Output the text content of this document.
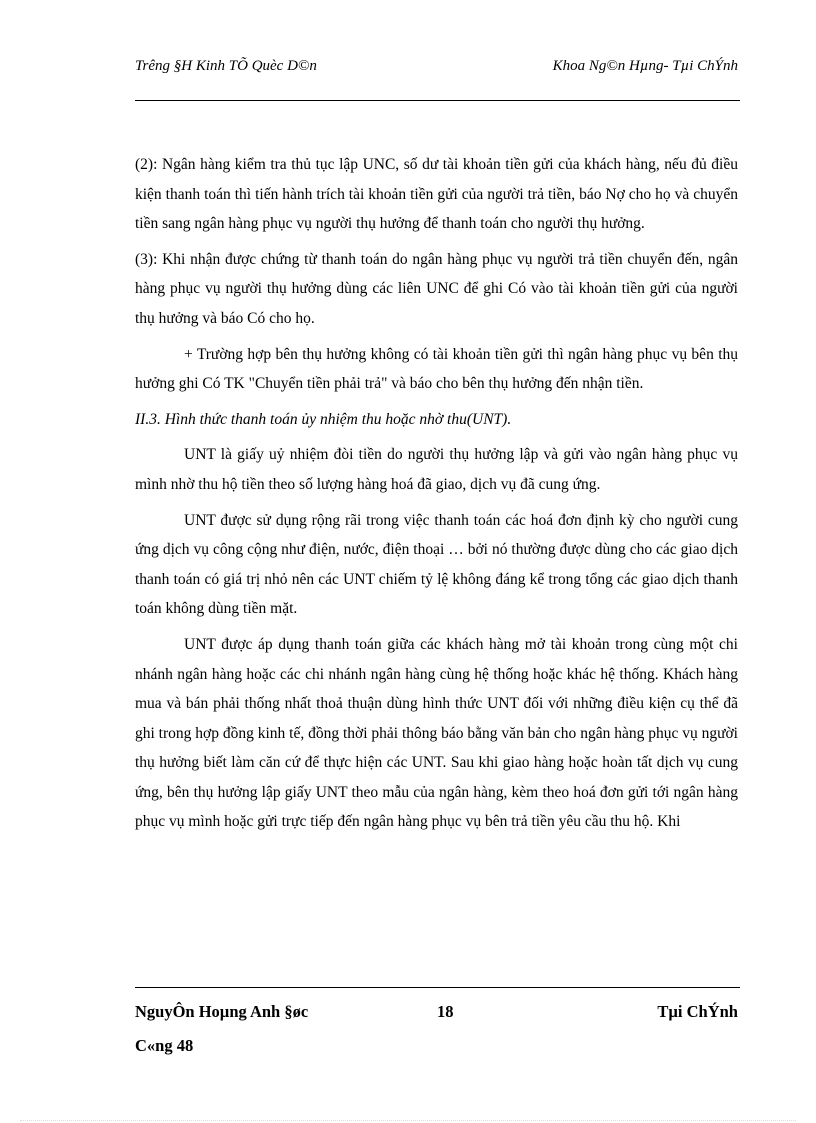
Trêng §H Kinh TÕ Quèc D©n	Khoa Ng©n Hµng- Tµi ChÝnh

(2): Ngân hàng kiểm tra thủ tục lập UNC, số dư tài khoản tiền gửi của khách hàng, nếu đủ điều kiện thanh toán thì tiến hành trích tài khoản tiền gửi của người trả tiền, báo Nợ cho họ và chuyển tiền sang ngân hàng phục vụ người thụ hưởng để thanh toán cho người thụ hưởng.

(3): Khi nhận được chứng từ thanh toán do ngân hàng phục vụ người trả tiền chuyển đến, ngân hàng phục vụ người thụ hưởng dùng các liên UNC để ghi Có vào tài khoản tiền gửi của người thụ hưởng và báo Có cho họ.

+ Trường hợp bên thụ hưởng không có tài khoản tiền gửi thì ngân hàng phục vụ bên thụ hưởng ghi Có TK "Chuyển tiền phải trả" và báo cho bên thụ hưởng đến nhận tiền.

II.3. Hình thức thanh toán ủy nhiệm thu hoặc nhờ thu(UNT).

UNT là giấy uỷ nhiệm đòi tiền do người thụ hưởng lập và gửi vào ngân hàng phục vụ mình nhờ thu hộ tiền theo số lượng hàng hoá đã giao, dịch vụ đã cung ứng.

UNT được sử dụng rộng rãi trong việc thanh toán các hoá đơn định kỳ cho người cung ứng dịch vụ công cộng như điện, nước, điện thoại … bởi nó thường được dùng cho các giao dịch thanh toán có giá trị nhỏ nên các UNT chiếm tỷ lệ không đáng kể trong tổng các giao dịch thanh toán không dùng tiền mặt.

UNT được áp dụng thanh toán giữa các khách hàng mở tài khoản trong cùng một chi nhánh ngân hàng hoặc các chi nhánh ngân hàng cùng hệ thống hoặc khác hệ thống. Khách hàng mua và bán phải thống nhất thoả thuận dùng hình thức UNT đối với những điều kiện cụ thể đã ghi trong hợp đồng kinh tế, đồng thời phải thông báo bằng văn bản cho ngân hàng phục vụ người thụ hưởng biết làm căn cứ để thực hiện các UNT. Sau khi giao hàng hoặc hoàn tất dịch vụ cung ứng, bên thụ hưởng lập giấy UNT theo mẫu của ngân hàng, kèm theo hoá đơn gửi tới ngân hàng phục vụ mình hoặc gửi trực tiếp đến ngân hàng phục vụ bên trả tiền yêu cầu thu hộ. Khi

NguyÔn Hoµng Anh §øc	18	Tµi ChÝnh
C«ng 48
